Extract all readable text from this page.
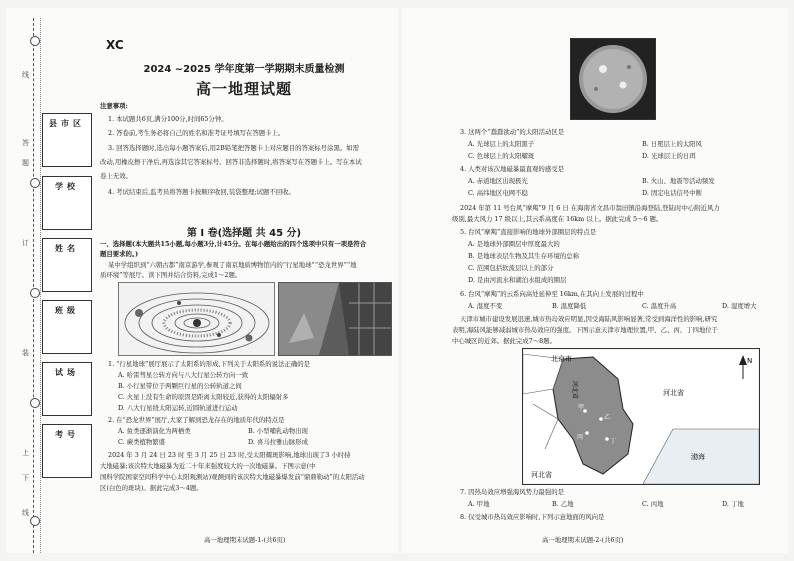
线
线
订
装
上
下
答
题
县市区
学校
姓名
班级
试场
考号
XC
2024 ~2025 学年度第一学期期末质量检测
高一地理试题
注意事项:
1. 本试题共6页,满分100分,时间65分钟。
2. 答卷前,考生务必将自己的姓名和准考证号填写在答题卡上。
3. 回答选择题时,选出每小题答案后,用2B铅笔把答题卡上对应题目的答案标号涂黑。如需
改动,用橡皮擦干净后,再选涂其它答案标号。回答非选择题时,将答案写在答题卡上。写在本试
卷上无效。
4. 考试结束后,监考员将答题卡按顺序收回,装袋整理;试题不回收。
第 Ⅰ 卷(选择题 共 45 分)
一、选择题(本大题共15小题,每小题3分,计45分。在每小题给出的四个选项中只有一项是符合
题目要求的。)
某中学组织到“六朝古都”南京游学,参观了南京地质博物馆内的“行星地球”“恐龙世界”“地
质环境”等展厅。读下图并结合资料,完成1～2题。
1. “行星地球”展厅展示了太阳系的形成,下列关于太阳系的说法正确的是
A. 哈雷彗星公转方向与八大行星公转方向一致
B. 小行星带位于两颗巨行星的公转轨道之间
C. 火星上没有生命的原因是距离太阳较近,获得的太阳辐射多
D. 八大行星绕太阳运转,近圆轨道进行运动
2. 在“恐龙世界”展厅,大家了解到恐龙存在的地质年代的特点是
A. 鱼类逐渐演化为两栖类	B. 小型哺乳动物出现
C. 蕨类植物繁盛	D. 喜马拉雅山脉形成
2024 年 3 月 24 日 23 时 至 3 月 25 日 23 时,受太阳耀斑影响,地球出现了3 小时持
大地磁暴;该次特大地磁暴为近二十年来强度较大的一次地磁暴。下图示意(中
国科学院国家空间科学中心太阳观测站)观测到的该次特大地磁暴爆发前“鼎鼎勒动”的太阳活动
区(白色的斑块)。据此完成3～4题。
高一地理期末试题-1-(共6页)
3. 这两个“蠢蠢欲动”的太阳活动区是
A. 光球层上的太阳黑子	B. 日冕层上的太阳风
C. 色球层上的太阳耀斑	D. 光球层上的日珥
4. 人类对该次地磁暴最直观的感受是
A. 赤道地区出现极光	B. 火山、地震等活动频发
C. 高纬地区电网不稳	D. 固定电话信号中断
2024 年第 11 号台风“摩羯”9 月 6 日 在海南省文昌市翁田镇沿海登陆,登陆时中心附近风力
级别,最大风力 17 级以上,其云系高度在 16km 以上。据此完成 5～6 题。
5. 台风“摩羯”直接影响的地球外部圈层的特点是
A. 是地球外部圈层中厚度最大的
B. 是地球表层生物及其生存环境的总称
C. 范围包括软流层以上的部分
D. 是由河流水和湖泊水组成的圈层
6. 台风“摩羯”的云系向高处延伸至 16km,在其向上发展的过程中
A. 湿度不变	B. 温度降低	C. 温度升高	D. 湿度增大
天津市城市建设发展迅速,城市热岛效应明显,因受海陆风影响显著,常受到海洋性的影响,研究
表明,海陆风能够减弱城市热岛效应的强度。下图示意天津市地理位置,甲、乙、丙、丁四地位于
中心城区的近郊。据此完成7～8题。
N
北京市
河北省	河北省
河北省
渤海
甲
乙
丙
丁
7. 因热岛效应增强海风势力最强的是
A. 甲地	B. 乙地	C. 丙地	D. 丁地
8. 仅受城市热岛效应影响时,下列示意地面的风向是
高一地理期末试题-2-(共6页)
